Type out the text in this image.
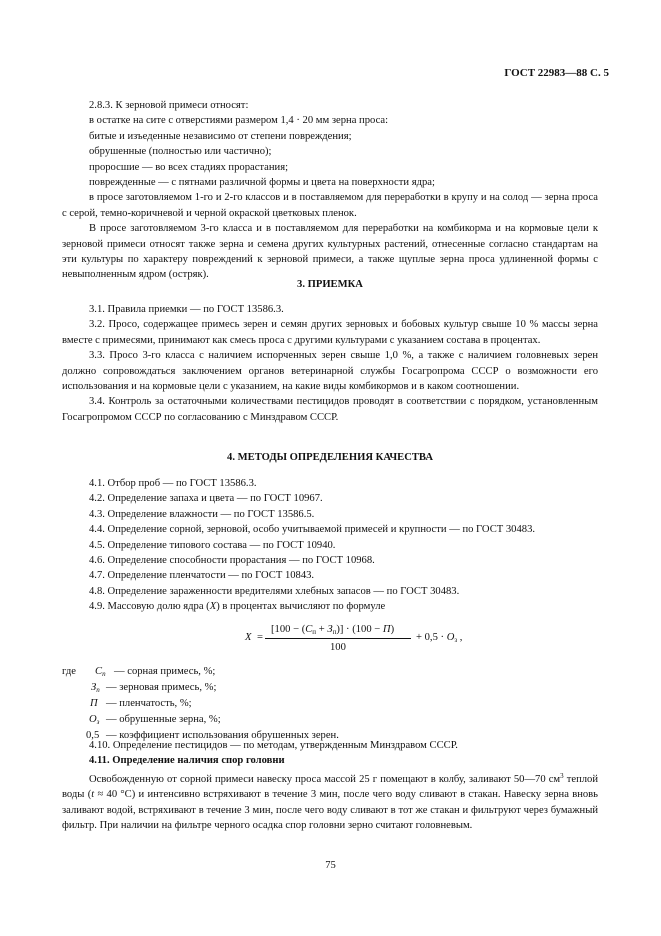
ГОСТ 22983—88 С. 5

2.8.3. К зерновой примеси относят:

в остатке на сите с отверстиями размером 1,4 · 20 мм зерна проса:

битые и изъеденные независимо от степени повреждения;

обрушенные (полностью или частично);

проросшие — во всех стадиях прорастания;

поврежденные — с пятнами различной формы и цвета на поверхности ядра;

в просе заготовляемом 1-го и 2-го классов и в поставляемом для переработки в крупу и на солод — зерна проса с серой, темно-коричневой и черной окраской цветковых пленок.

В просе заготовляемом 3-го класса и в поставляемом для переработки на комбикорма и на кормовые цели к зерновой примеси относят также зерна и семена других культурных растений, отнесенные согласно стандартам на эти культуры по характеру повреждений к зерновой примеси, а также щуплые зерна проса удлиненной формы с невыполненным ядром (остряк).

3. ПРИЕМКА

3.1. Правила приемки — по ГОСТ 13586.3.

3.2. Просо, содержащее примесь зерен и семян других зерновых и бобовых культур свыше 10 % массы зерна вместе с примесями, принимают как смесь проса с другими культурами с указанием состава в процентах.

3.3. Просо 3-го класса с наличием испорченных зерен свыше 1,0 %, а также с наличием головневых зерен должно сопровождаться заключением органов ветеринарной службы Госагропрома СССР о возможности его использования и на кормовые цели с указанием, на какие виды комбикормов и в каком соотношении.

3.4. Контроль за остаточными количествами пестицидов проводят в соответствии с порядком, установленным Госагропромом СССР по согласованию с Минздравом СССР.

4. МЕТОДЫ ОПРЕДЕЛЕНИЯ КАЧЕСТВА

4.1. Отбор проб — по ГОСТ 13586.3.

4.2. Определение запаха и цвета — по ГОСТ 10967.

4.3. Определение влажности — по ГОСТ 13586.5.

4.4. Определение сорной, зерновой, особо учитываемой примесей и крупности — по ГОСТ 30483.

4.5. Определение типового состава — по ГОСТ 10940.

4.6. Определение способности прорастания — по ГОСТ 10968.

4.7. Определение пленчатости — по ГОСТ 10843.

4.8. Определение зараженности вредителями хлебных запасов — по ГОСТ 30483.

4.9. Массовую долю ядра (X) в процентах вычисляют по формуле

X =
$[100 - (C_п + З_п)] \cdot (100 - П)$
100
+ $0,5 \cdot O_з$ ,
где $C_п$ — сорная примесь, %;
$З_п$ — зерновая примесь, %;
П — пленчатость, %;
$O_з$ — обрушенные зерна, %;
0,5 — коэффициент использования обрушенных зерен.

4.10. Определение пестицидов — по методам, утвержденным Минздравом СССР.

4.11. Определение наличия спор головни

Освобожденную от сорной примеси навеску проса массой 25 г помещают в колбу, заливают 50—70 $см^3$ теплой воды (t ≈ 40 °С) и интенсивно встряхивают в течение 3 мин, после чего воду сливают в стакан. Навеску зерна вновь заливают водой, встряхивают в течение 3 мин, после чего воду сливают в тот же стакан и фильтруют через бумажный фильтр. При наличии на фильтре черного осадка спор головни зерно считают головневым.

75
